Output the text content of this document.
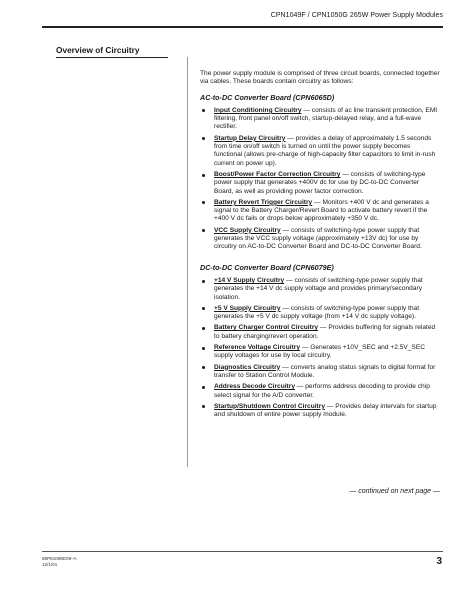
CPN1049F / CPN1050G 265W Power Supply Modules
Overview of Circuitry

The power supply module is comprised of three circuit boards, connected together via cables. These boards contain circuitry as follows:

AC-to-DC Converter Board (CPN6065D)
Input Conditioning Circuitry — consists of ac line transient protection, EMI filtering, front panel on/off switch, startup-delayed relay, and a full-wave rectifier.
Startup Delay Circuitry — provides a delay of approximately 1.5 seconds from time on/off switch is turned on until the power supply becomes functional (allows pre-charge of high-capacity filter capacitors to limit in-rush current on power up).
Boost/Power Factor Correction Circuitry — consists of switching-type power supply that generates +400V dc for use by DC-to-DC Converter Board, as well as providing power factor correction.
Battery Revert Trigger Circuitry — Monitors +400 V dc and generates a signal to the Battery Charger/Revert Board to activate battery revert if the +400 V dc fails or drops below approximately +350 V dc.
VCC Supply Circuitry — consists of switching-type power supply that generates the VCC supply voltage (approximately +13V dc) for use by circuitry on AC-to-DC Converter Board and DC-to-DC Converter Board.
DC-to-DC Converter Board (CPN6079E)
+14 V Supply Circuitry — consists of switching-type power supply that generates the +14 V dc supply voltage and provides primary/secondary isolation.
+5 V Supply Circuitry — consists of switching-type power supply that generates the +5 V dc supply voltage (from +14 V dc supply voltage).
Battery Charger Control Circuitry — Provides buffering for signals related to battery charging/revert operation.
Reference Voltage Circuitry — Generates +10V_SEC and +2.5V_SEC supply voltages for use by local circuitry.
Diagnostics Circuitry — converts analog status signals to digital format for transfer to Station Control Module.
Address Decode Circuitry — performs address decoding to provide chip select signal for the A/D converter.
Startup/Shutdown Control Circuitry — Provides delay intervals for startup and shutdown of entire power supply module.
— continued on next page —
68P81096E09–A
12/1/01	3
